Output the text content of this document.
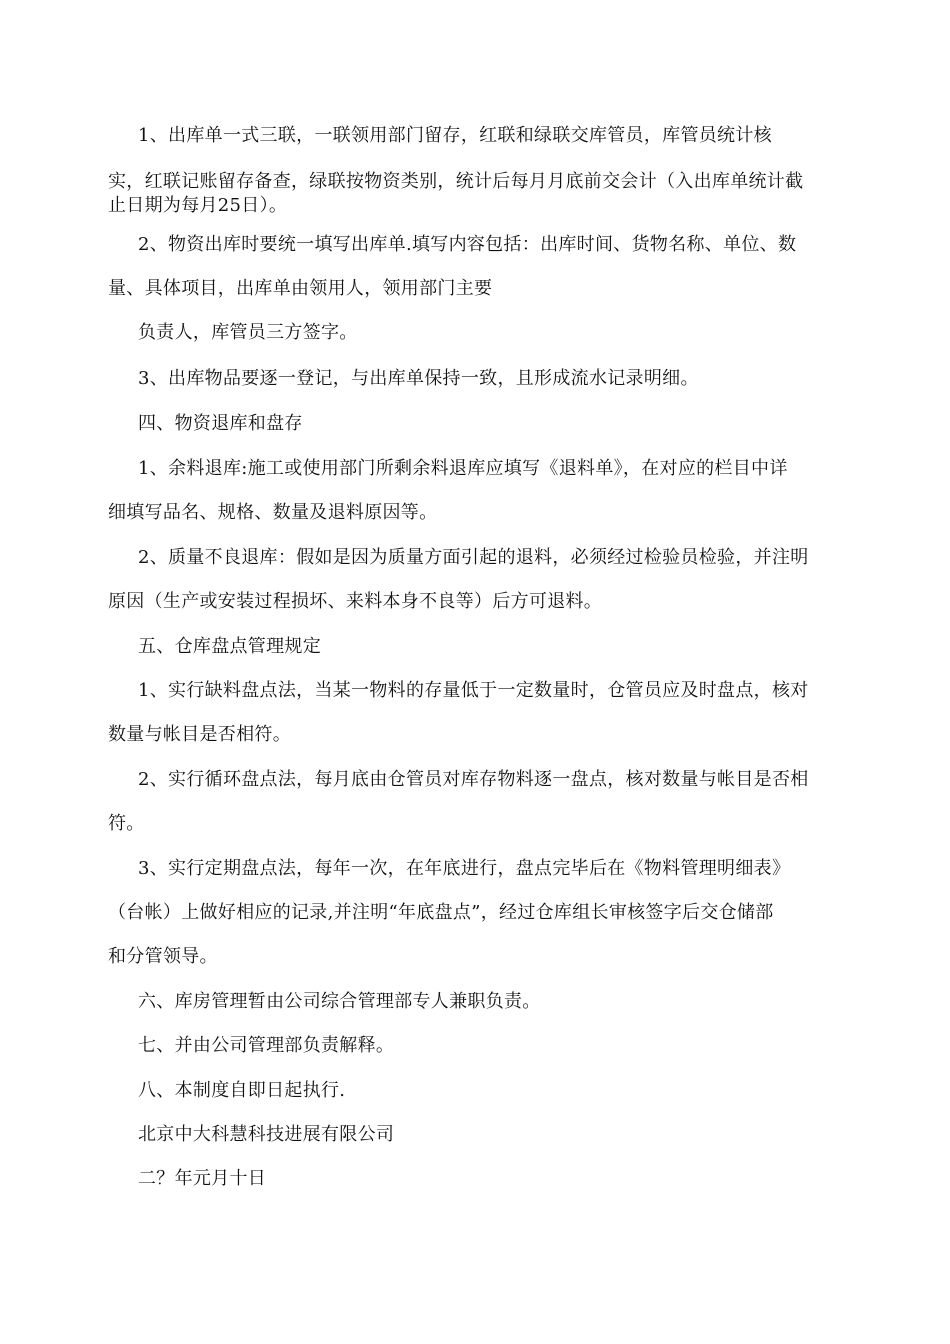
1、出库单一式三联，一联领用部门留存，红联和绿联交库管员，库管员统计核
实，红联记账留存备查，绿联按物资类别，统计后每月月底前交会计（入出库单统计截
止日期为每月25日）。
2、物资出库时要统一填写出库单.填写内容包括：出库时间、货物名称、单位、数
量、具体项目，出库单由领用人，领用部门主要
负责人，库管员三方签字。
3、出库物品要逐一登记，与出库单保持一致，且形成流水记录明细。
四、物资退库和盘存
1、余料退库:施工或使用部门所剩余料退库应填写《退料单》，在对应的栏目中详
细填写品名、规格、数量及退料原因等。
2、质量不良退库：假如是因为质量方面引起的退料，必须经过检验员检验，并注明
原因（生产或安装过程损坏、来料本身不良等）后方可退料。
五、仓库盘点管理规定
1、实行缺料盘点法，当某一物料的存量低于一定数量时，仓管员应及时盘点，核对
数量与帐目是否相符。
2、实行循环盘点法，每月底由仓管员对库存物料逐一盘点，核对数量与帐目是否相
符。
3、实行定期盘点法，每年一次，在年底进行，盘点完毕后在《物料管理明细表》
（台帐）上做好相应的记录,并注明“年底盘点”，经过仓库组长审核签字后交仓储部
和分管领导。
六、库房管理暂由公司综合管理部专人兼职负责。
七、并由公司管理部负责解释。
八、本制度自即日起执行.
北京中大科慧科技进展有限公司
二？年元月十日
